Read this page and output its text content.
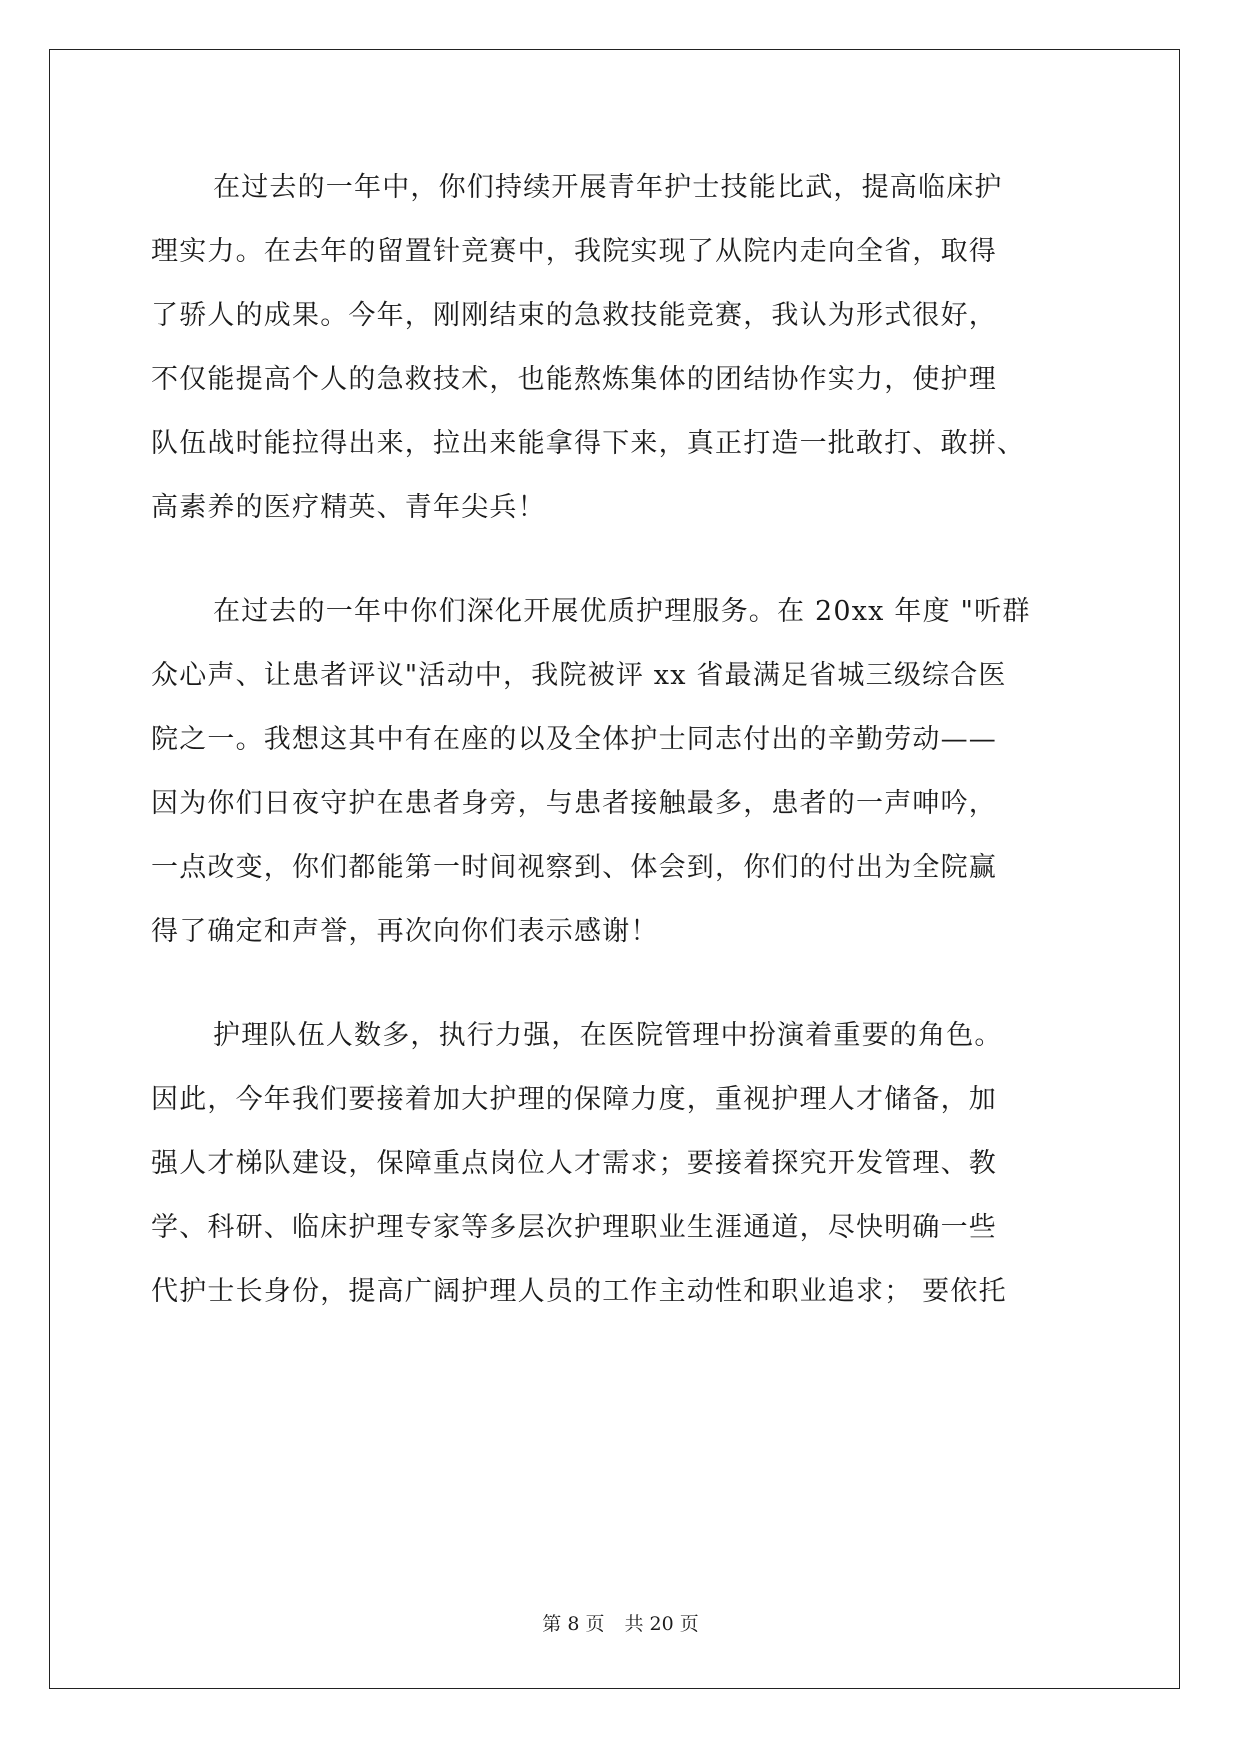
在过去的一年中，你们持续开展青年护士技能比武，提高临床护
理实力。在去年的留置针竞赛中，我院实现了从院内走向全省，取得
了骄人的成果。今年，刚刚结束的急救技能竞赛，我认为形式很好，
不仅能提高个人的急救技术，也能熬炼集体的团结协作实力，使护理
队伍战时能拉得出来，拉出来能拿得下来，真正打造一批敢打、敢拼、
高素养的医疗精英、青年尖兵！
在过去的一年中你们深化开展优质护理服务。在 20xx 年度 "听群
众心声、让患者评议"活动中，我院被评 xx 省最满足省城三级综合医
院之一。我想这其中有在座的以及全体护士同志付出的辛勤劳动——
因为你们日夜守护在患者身旁，与患者接触最多，患者的一声呻吟，
一点改变，你们都能第一时间视察到、体会到，你们的付出为全院赢
得了确定和声誉，再次向你们表示感谢！
护理队伍人数多，执行力强，在医院管理中扮演着重要的角色。
因此，今年我们要接着加大护理的保障力度，重视护理人才储备，加
强人才梯队建设，保障重点岗位人才需求；要接着探究开发管理、教
学、科研、临床护理专家等多层次护理职业生涯通道，尽快明确一些
代护士长身份，提高广阔护理人员的工作主动性和职业追求； 要依托
第 8 页 共 20 页
